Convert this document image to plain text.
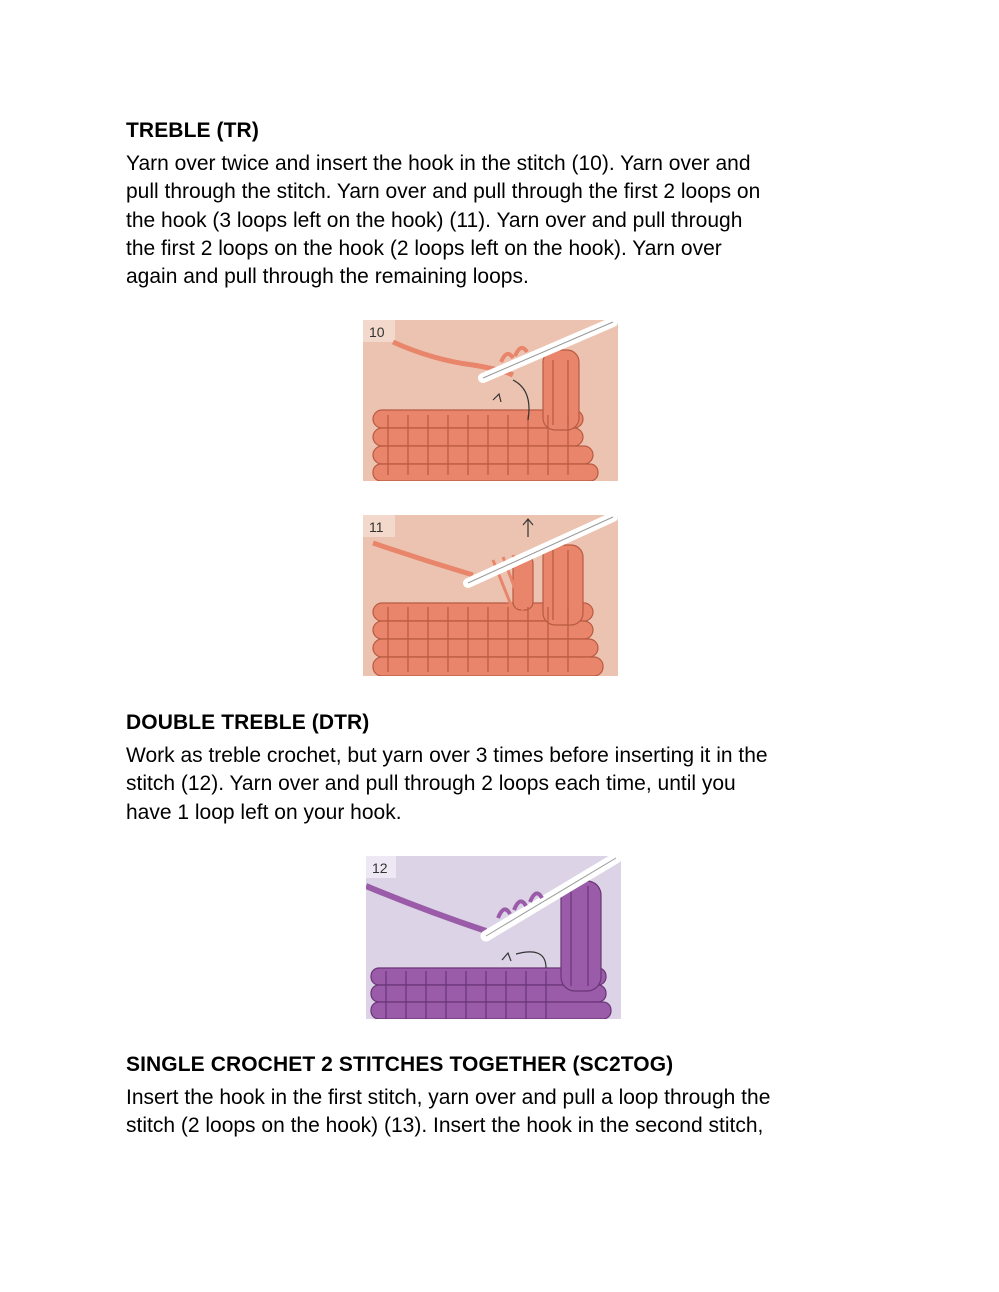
TREBLE (TR)

Yarn over twice and insert the hook in the stitch (10). Yarn over and
pull through the stitch. Yarn over and pull through the first 2 loops on
the hook (3 loops left on the hook) (11). Yarn over and pull through
the first 2 loops on the hook (2 loops left on the hook). Yarn over
again and pull through the remaining loops.

10
11
DOUBLE TREBLE (DTR)

Work as treble crochet, but yarn over 3 times before inserting it in the
stitch (12). Yarn over and pull through 2 loops each time, until you
have 1 loop left on your hook.

12
SINGLE CROCHET 2 STITCHES TOGETHER (SC2TOG)

Insert the hook in the first stitch, yarn over and pull a loop through the
stitch (2 loops on the hook) (13). Insert the hook in the second stitch,
